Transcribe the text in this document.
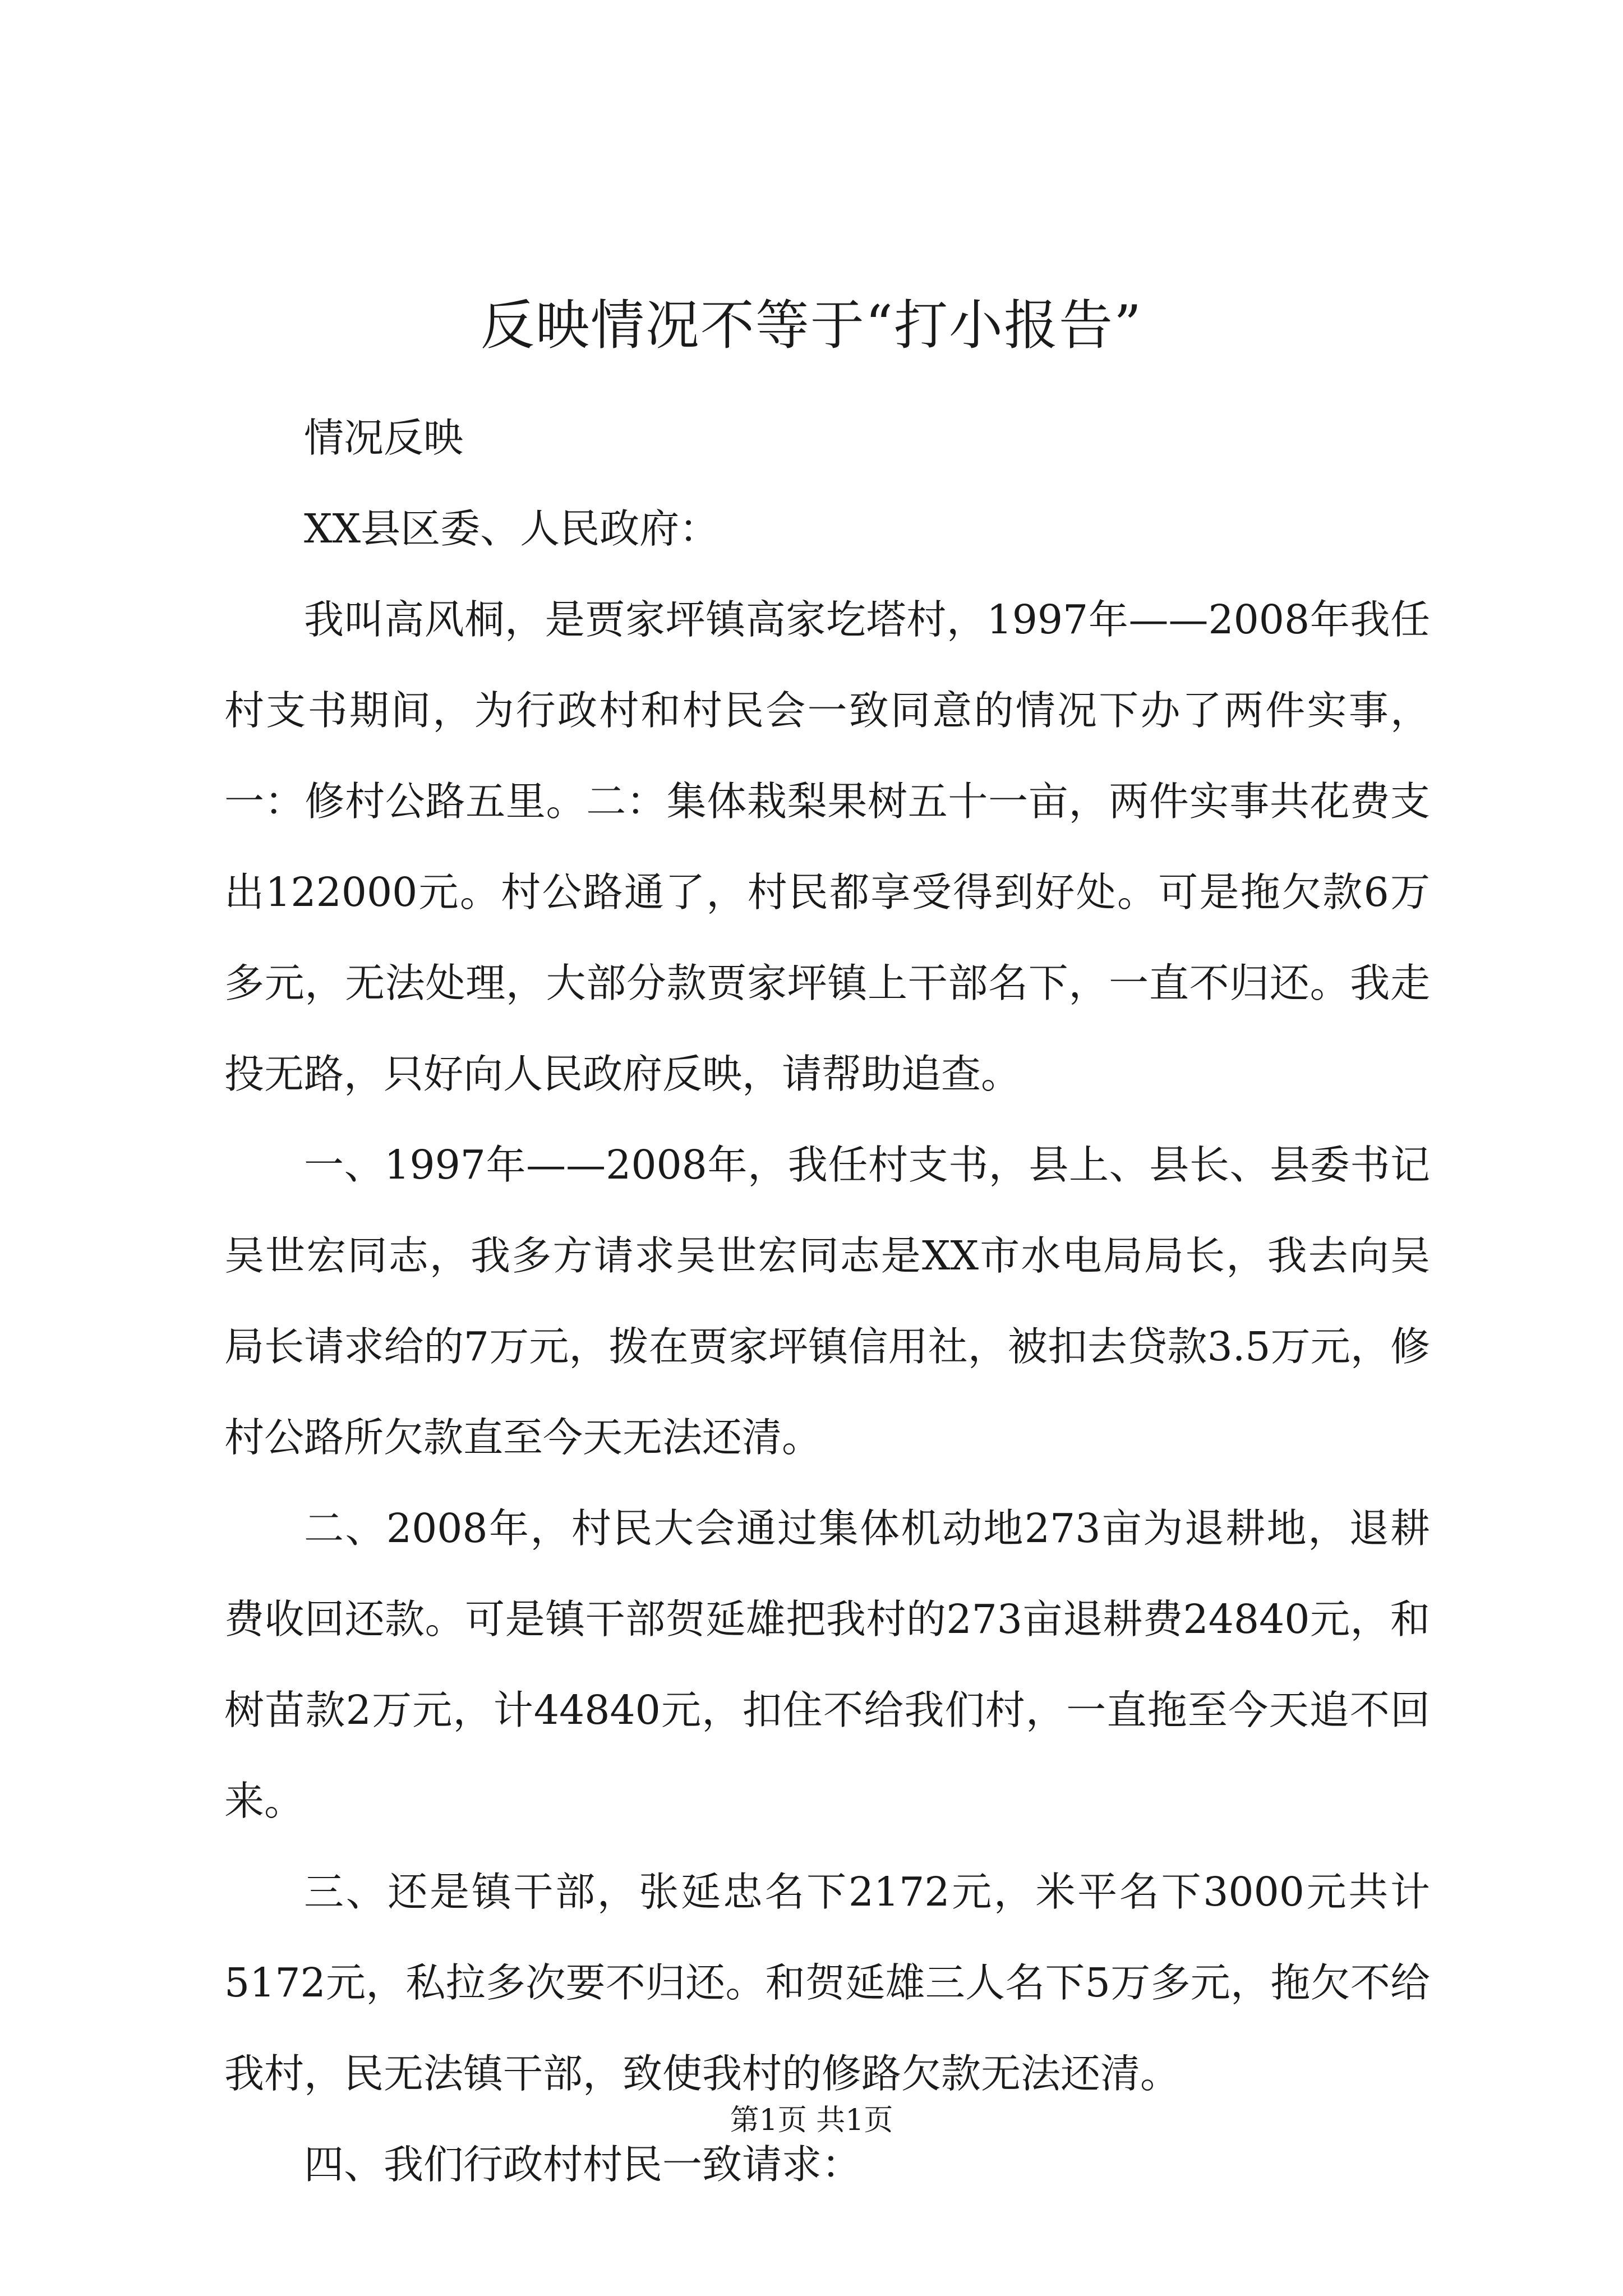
反映情况不等于“打小报告”

情况反映

XX县区委、人民政府：

我叫高风桐，是贾家坪镇高家圪塔村，1997年——2008年我任村支书期间，为行政村和村民会一致同意的情况下办了两件实事，一：修村公路五里。二：集体栽梨果树五十一亩，两件实事共花费支出122000元。村公路通了，村民都享受得到好处。可是拖欠款6万多元，无法处理，大部分款贾家坪镇上干部名下，一直不归还。我走投无路，只好向人民政府反映，请帮助追查。

一、1997年——2008年，我任村支书，县上、县长、县委书记吴世宏同志，我多方请求吴世宏同志是XX市水电局局长，我去向吴局长请求给的7万元，拨在贾家坪镇信用社，被扣去贷款3.5万元，修村公路所欠款直至今天无法还清。

二、2008年，村民大会通过集体机动地273亩为退耕地，退耕费收回还款。可是镇干部贺延雄把我村的273亩退耕费24840元，和树苗款2万元，计44840元，扣住不给我们村，一直拖至今天追不回来。

三、还是镇干部，张延忠名下2172元，米平名下3000元共计5172元，私拉多次要不归还。和贺延雄三人名下5万多元，拖欠不给我村，民无法镇干部，致使我村的修路欠款无法还清。

四、我们行政村村民一致请求：

第1页 共1页
